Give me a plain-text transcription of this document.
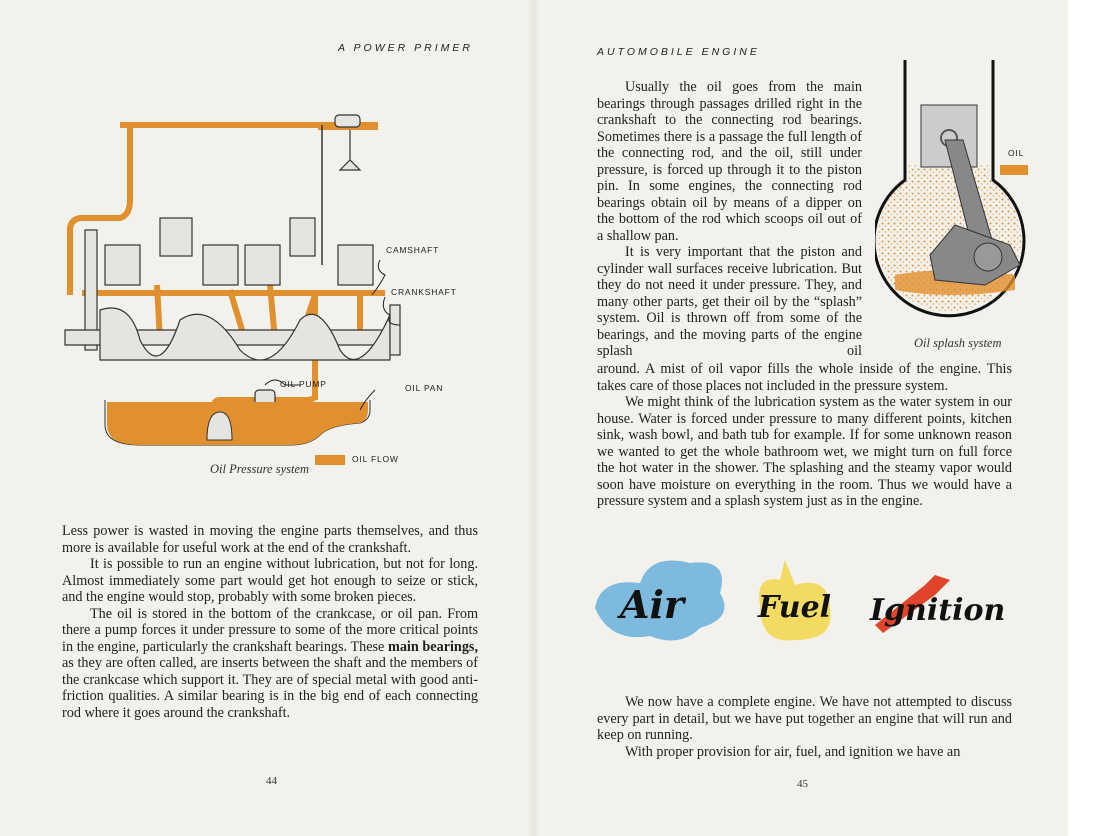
A POWER PRIMER
CAMSHAFT
CRANKSHAFT
OIL PUMP	OIL PAN
OIL FLOW
Oil Pressure system

Less power is wasted in moving the engine parts themselves, and thus more is available for useful work at the end of the crankshaft.

It is possible to run an engine without lubrication, but not for long. Almost immediately some part would get hot enough to seize or stick, and the engine would stop, probably with some broken pieces.

The oil is stored in the bottom of the crankcase, or oil pan. From there a pump forces it under pressure to some of the more critical points in the engine, particularly the crankshaft bearings. These main bearings, as they are often called, are inserts between the shaft and the members of the crankcase which support it. They are of special metal with good anti-friction qualities. A similar bearing is in the big end of each connecting rod where it goes around the crankshaft.

44
AUTOMOBILE ENGINE

Usually the oil goes from the main bearings through passages drilled right in the crankshaft to the connecting rod bearings. Sometimes there is a passage the full length of the connecting rod, and the oil, still under pressure, is forced up through it to the piston pin. In some engines, the connecting rod bearings obtain oil by means of a dipper on the bottom of the rod which scoops oil out of a shallow pan.

It is very important that the piston and cylinder wall surfaces receive lubrication. But they do not need it under pressure. They, and many other parts, get their oil by the “splash” system. Oil is thrown off from some of the bearings, and the moving parts of the engine splash oil

around. A mist of oil vapor fills the whole inside of the engine. This takes care of those places not included in the pressure system.

We might think of the lubrication system as the water system in our house. Water is forced under pressure to many different points, kitchen sink, wash bowl, and bath tub for example. If for some unknown reason we wanted to get the whole bathroom wet, we might turn on full force the hot water in the shower. The splashing and the steamy vapor would soon have moisture on everything in the room. Thus we would have a pressure system and a splash system just as in the engine.

OIL
Oil splash system
Air Fuel Ignition

We now have a complete engine. We have not attempted to discuss every part in detail, but we have put together an engine that will run and keep on running.

With proper provision for air, fuel, and ignition we have an

45
